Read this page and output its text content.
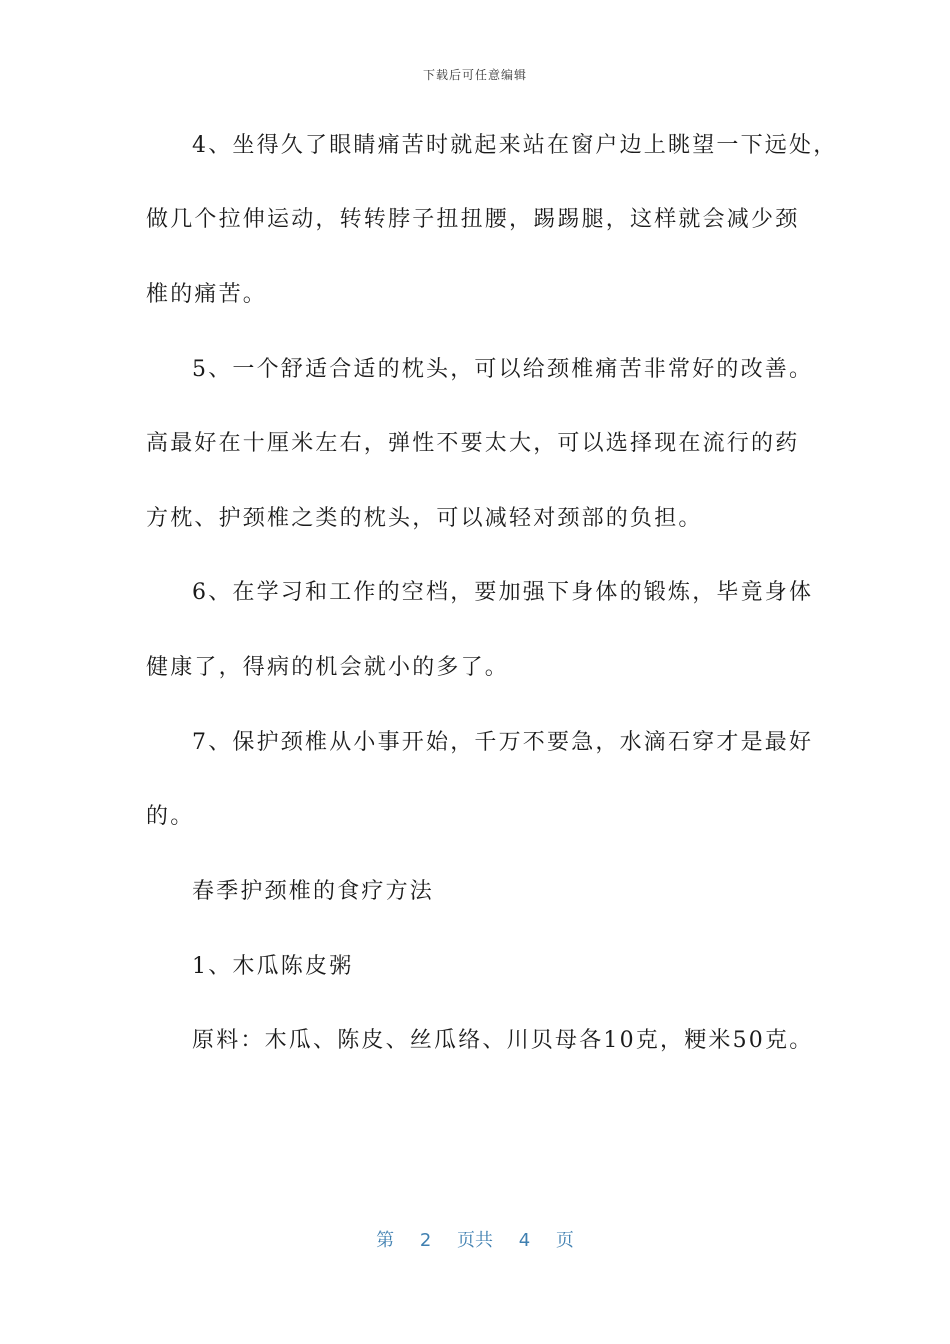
下载后可任意编辑
4、坐得久了眼睛痛苦时就起来站在窗户边上眺望一下远处，
做几个拉伸运动，转转脖子扭扭腰，踢踢腿，这样就会减少颈
椎的痛苦。
5、一个舒适合适的枕头，可以给颈椎痛苦非常好的改善。
高最好在十厘米左右，弹性不要太大，可以选择现在流行的药
方枕、护颈椎之类的枕头，可以减轻对颈部的负担。
6、在学习和工作的空档，要加强下身体的锻炼，毕竟身体
健康了，得病的机会就小的多了。
7、保护颈椎从小事开始，千万不要急，水滴石穿才是最好
的。
春季护颈椎的食疗方法
1、木瓜陈皮粥
原料：木瓜、陈皮、丝瓜络、川贝母各10克，粳米50克。
第 2 页共 4 页
